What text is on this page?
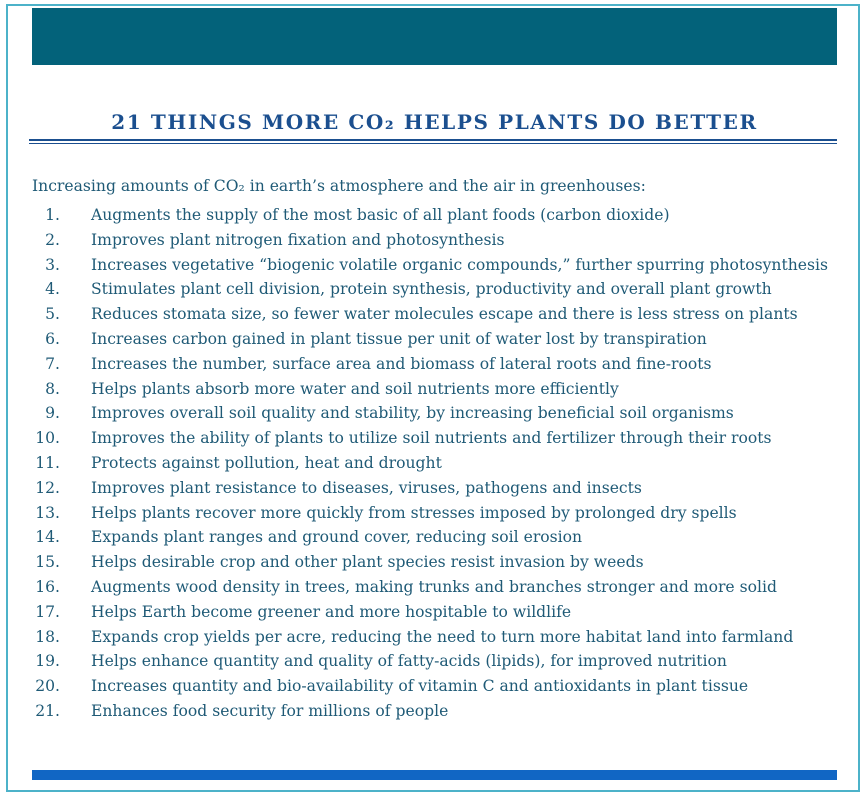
21 THINGS MORE CO₂ HELPS PLANTS DO BETTER

Increasing amounts of CO₂ in earth’s atmosphere and the air in greenhouses:

1. Augments the supply of the most basic of all plant foods (carbon dioxide)
2. Improves plant nitrogen fixation and photosynthesis
3. Increases vegetative “biogenic volatile organic compounds,” further spurring photosynthesis
4. Stimulates plant cell division, protein synthesis, productivity and overall plant growth
5. Reduces stomata size, so fewer water molecules escape and there is less stress on plants
6. Increases carbon gained in plant tissue per unit of water lost by transpiration
7. Increases the number, surface area and biomass of lateral roots and fine-roots
8. Helps plants absorb more water and soil nutrients more efficiently
9. Improves overall soil quality and stability, by increasing beneficial soil organisms
10. Improves the ability of plants to utilize soil nutrients and fertilizer through their roots
11. Protects against pollution, heat and drought
12. Improves plant resistance to diseases, viruses, pathogens and insects
13. Helps plants recover more quickly from stresses imposed by prolonged dry spells
14. Expands plant ranges and ground cover, reducing soil erosion
15. Helps desirable crop and other plant species resist invasion by weeds
16. Augments wood density in trees, making trunks and branches stronger and more solid
17. Helps Earth become greener and more hospitable to wildlife
18. Expands crop yields per acre, reducing the need to turn more habitat land into farmland
19. Helps enhance quantity and quality of fatty-acids (lipids), for improved nutrition
20. Increases quantity and bio-availability of vitamin C and antioxidants in plant tissue
21. Enhances food security for millions of people
